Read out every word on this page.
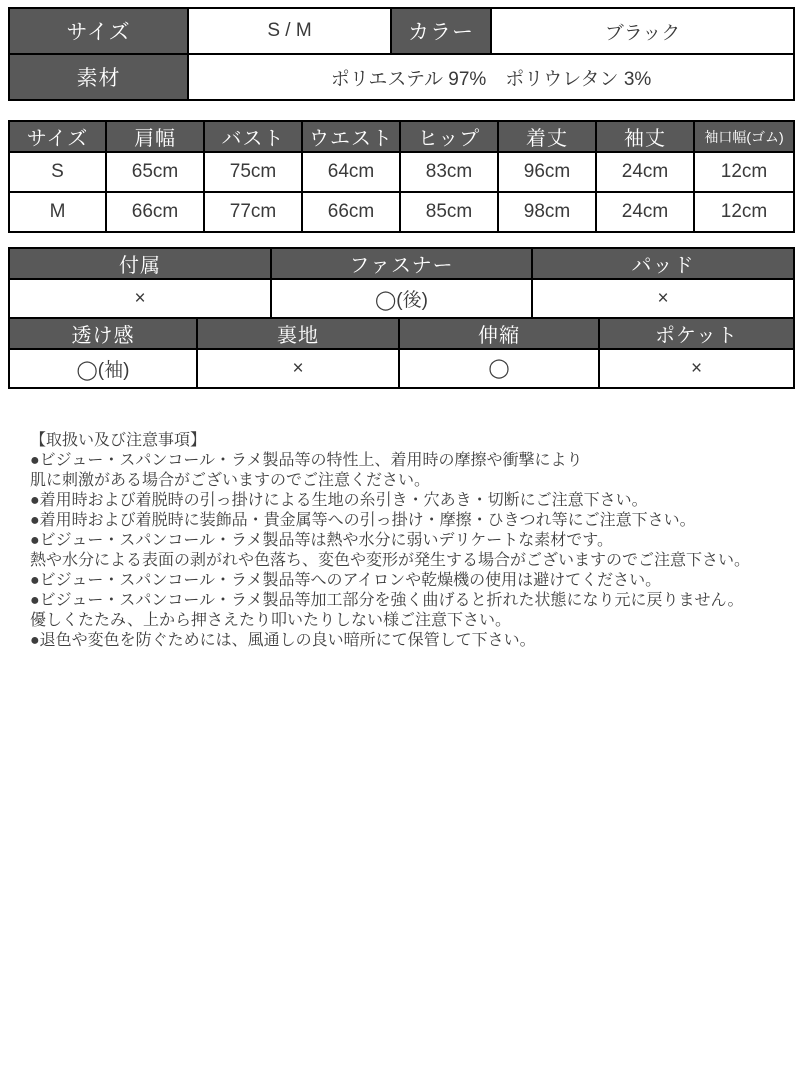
サイズ	S / M	カラー	ブラック
素材	ポリエステル 97%　ポリウレタン 3%		
サイズ	肩幅	バスト	ウエスト	ヒップ	着丈	袖丈	袖口幅(ゴム)
S	65cm	75cm	64cm	83cm	96cm	24cm	12cm
M	66cm	77cm	66cm	85cm	98cm	24cm	12cm
付属	ファスナー	パッド
×	◯(後)	×
透け感	裏地	伸縮	ポケット
◯(袖)	×	◯	×
【取扱い及び注意事項】
●ビジュー・スパンコール・ラメ製品等の特性上、着用時の摩擦や衝撃により
肌に刺激がある場合がございますのでご注意ください。
●着用時および着脱時の引っ掛けによる生地の糸引き・穴あき・切断にご注意下さい。
●着用時および着脱時に装飾品・貴金属等への引っ掛け・摩擦・ひきつれ等にご注意下さい。
●ビジュー・スパンコール・ラメ製品等は熱や水分に弱いデリケートな素材です。
熱や水分による表面の剥がれや色落ち、変色や変形が発生する場合がございますのでご注意下さい。
●ビジュー・スパンコール・ラメ製品等へのアイロンや乾燥機の使用は避けてください。
●ビジュー・スパンコール・ラメ製品等加工部分を強く曲げると折れた状態になり元に戻りません。
優しくたたみ、上から押さえたり叩いたりしない様ご注意下さい。
●退色や変色を防ぐためには、風通しの良い暗所にて保管して下さい。
